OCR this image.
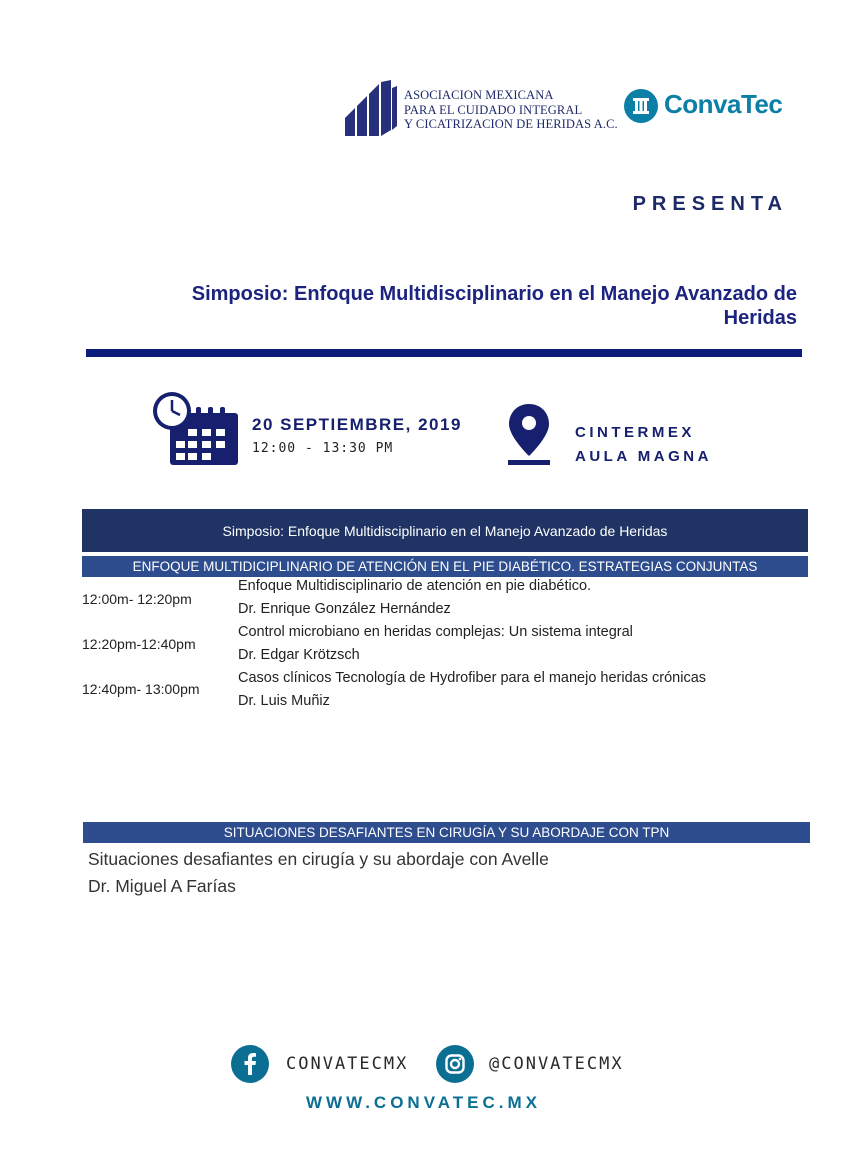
ASOCIACION MEXICANA
PARA EL CUIDADO INTEGRAL
Y CICATRIZACION DE HERIDAS A.C.
ConvaTec
PRESENTA
Simposio: Enfoque Multidisciplinario en el Manejo Avanzado de
Heridas
20 SEPTIEMBRE, 2019
12:00 - 13:30 PM
CINTERMEX
AULA MAGNA
Simposio: Enfoque Multidisciplinario en el Manejo Avanzado de Heridas
ENFOQUE MULTIDICIPLINARIO DE ATENCIÓN EN EL PIE DIABÉTICO. ESTRATEGIAS CONJUNTAS
12:00m- 12:20pm
Enfoque Multidisciplinario de atención en pie diabético.
Dr. Enrique González Hernández
12:20pm-12:40pm
Control microbiano en heridas complejas: Un sistema integral
Dr. Edgar Krötzsch
12:40pm- 13:00pm
Casos clínicos Tecnología de Hydrofiber para el manejo heridas crónicas
Dr. Luis Muñiz
SITUACIONES DESAFIANTES EN CIRUGÍA Y SU ABORDAJE CON TPN
Situaciones desafiantes en cirugía y su abordaje con Avelle
Dr. Miguel A Farías
CONVATECMX	@CONVATECMX
WWW.CONVATEC.MX
